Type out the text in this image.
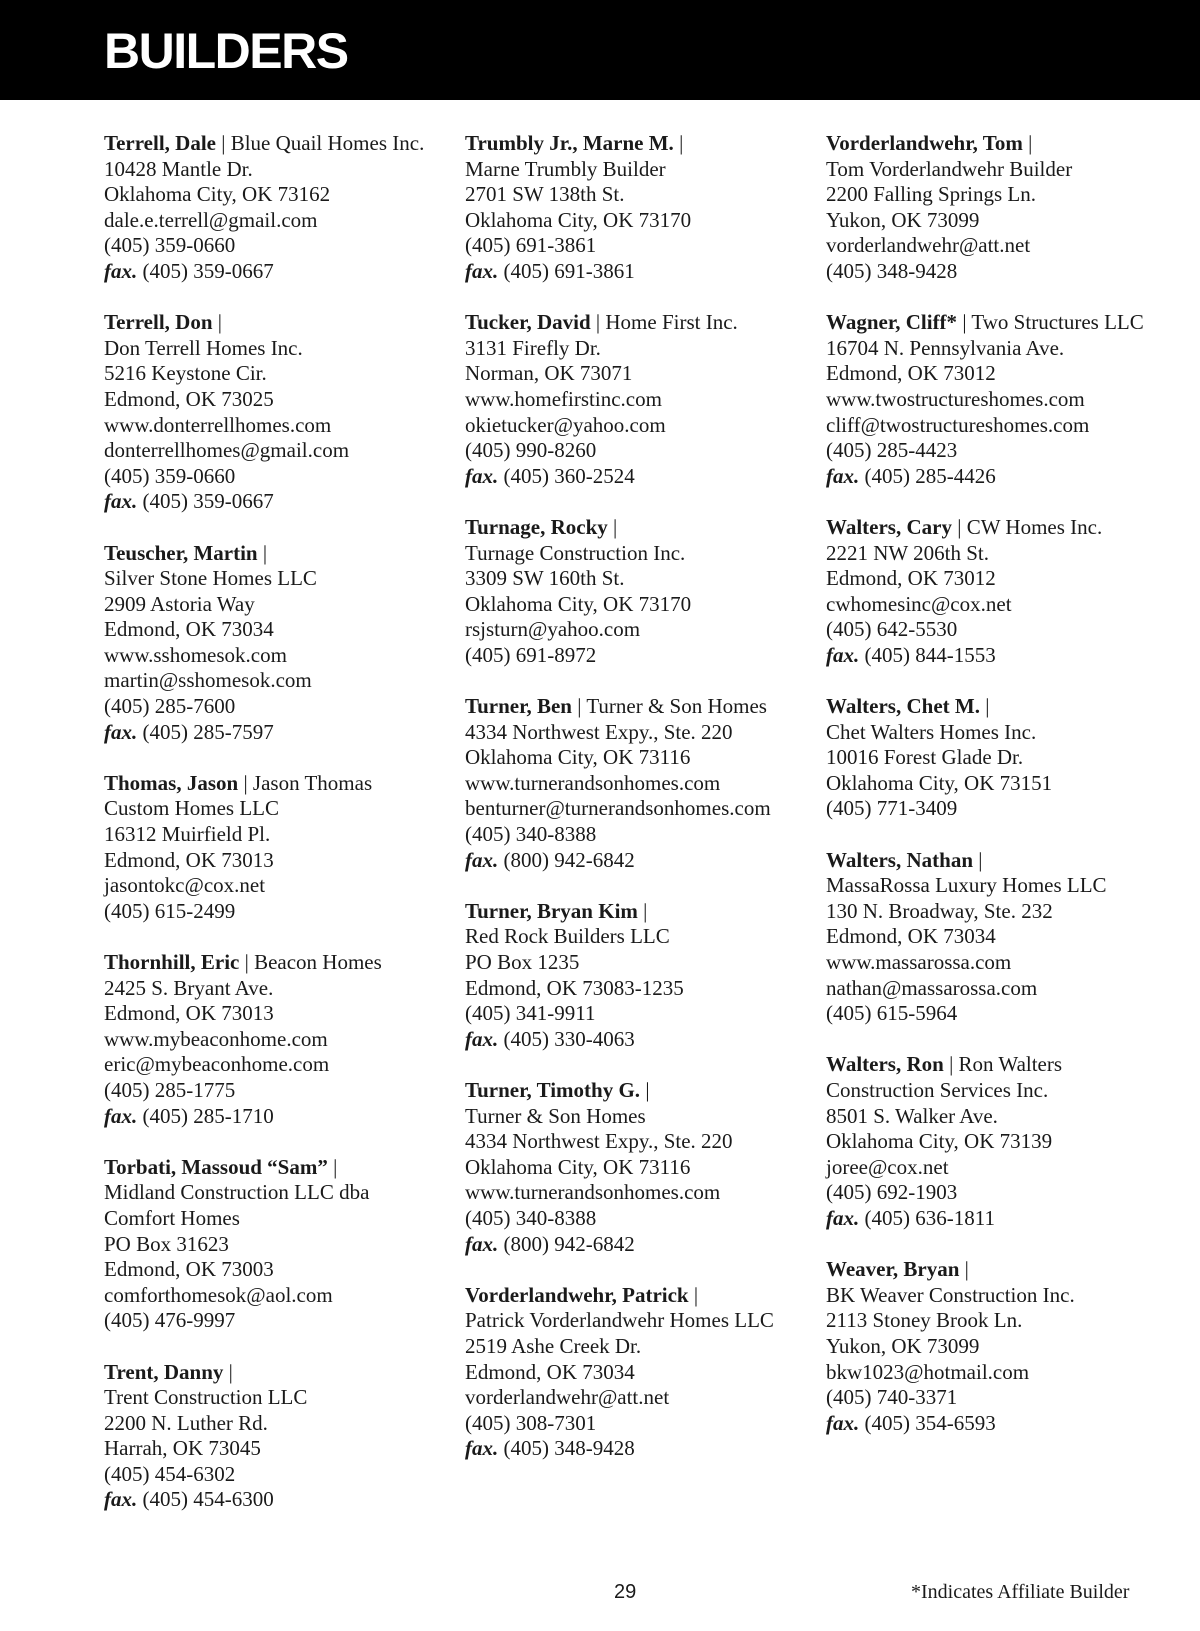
BUILDERS
Terrell, Dale | Blue Quail Homes Inc.
10428 Mantle Dr.
Oklahoma City, OK 73162
dale.e.terrell@gmail.com
(405) 359-0660
fax. (405) 359-0667
Terrell, Don |
Don Terrell Homes Inc.
5216 Keystone Cir.
Edmond, OK 73025
www.donterrellhomes.com
donterrellhomes@gmail.com
(405) 359-0660
fax. (405) 359-0667
Teuscher, Martin |
Silver Stone Homes LLC
2909 Astoria Way
Edmond, OK 73034
www.sshomesok.com
martin@sshomesok.com
(405) 285-7600
fax. (405) 285-7597
Thomas, Jason | Jason Thomas
Custom Homes LLC
16312 Muirfield Pl.
Edmond, OK 73013
jasontokc@cox.net
(405) 615-2499
Thornhill, Eric | Beacon Homes
2425 S. Bryant Ave.
Edmond, OK 73013
www.mybeaconhome.com
eric@mybeaconhome.com
(405) 285-1775
fax. (405) 285-1710
Torbati, Massoud “Sam” |
Midland Construction LLC dba
Comfort Homes
PO Box 31623
Edmond, OK 73003
comforthomesok@aol.com
(405) 476-9997
Trent, Danny |
Trent Construction LLC
2200 N. Luther Rd.
Harrah, OK 73045
(405) 454-6302
fax. (405) 454-6300
Trumbly Jr., Marne M. |
Marne Trumbly Builder
2701 SW 138th St.
Oklahoma City, OK 73170
(405) 691-3861
fax. (405) 691-3861
Tucker, David | Home First Inc.
3131 Firefly Dr.
Norman, OK 73071
www.homefirstinc.com
okietucker@yahoo.com
(405) 990-8260
fax. (405) 360-2524
Turnage, Rocky |
Turnage Construction Inc.
3309 SW 160th St.
Oklahoma City, OK 73170
rsjsturn@yahoo.com
(405) 691-8972
Turner, Ben | Turner & Son Homes
4334 Northwest Expy., Ste. 220
Oklahoma City, OK 73116
www.turnerandsonhomes.com
benturner@turnerandsonhomes.com
(405) 340-8388
fax. (800) 942-6842
Turner, Bryan Kim |
Red Rock Builders LLC
PO Box 1235
Edmond, OK 73083-1235
(405) 341-9911
fax. (405) 330-4063
Turner, Timothy G. |
Turner & Son Homes
4334 Northwest Expy., Ste. 220
Oklahoma City, OK 73116
www.turnerandsonhomes.com
(405) 340-8388
fax. (800) 942-6842
Vorderlandwehr, Patrick |
Patrick Vorderlandwehr Homes LLC
2519 Ashe Creek Dr.
Edmond, OK 73034
vorderlandwehr@att.net
(405) 308-7301
fax. (405) 348-9428
Vorderlandwehr, Tom |
Tom Vorderlandwehr Builder
2200 Falling Springs Ln.
Yukon, OK 73099
vorderlandwehr@att.net
(405) 348-9428
Wagner, Cliff* | Two Structures LLC
16704 N. Pennsylvania Ave.
Edmond, OK 73012
www.twostructureshomes.com
cliff@twostructureshomes.com
(405) 285-4423
fax. (405) 285-4426
Walters, Cary | CW Homes Inc.
2221 NW 206th St.
Edmond, OK 73012
cwhomesinc@cox.net
(405) 642-5530
fax. (405) 844-1553
Walters, Chet M. |
Chet Walters Homes Inc.
10016 Forest Glade Dr.
Oklahoma City, OK 73151
(405) 771-3409
Walters, Nathan |
MassaRossa Luxury Homes LLC
130 N. Broadway, Ste. 232
Edmond, OK 73034
www.massarossa.com
nathan@massarossa.com
(405) 615-5964
Walters, Ron | Ron Walters
Construction Services Inc.
8501 S. Walker Ave.
Oklahoma City, OK 73139
joree@cox.net
(405) 692-1903
fax. (405) 636-1811
Weaver, Bryan |
BK Weaver Construction Inc.
2113 Stoney Brook Ln.
Yukon, OK 73099
bkw1023@hotmail.com
(405) 740-3371
fax. (405) 354-6593
29	*Indicates Affiliate Builder
